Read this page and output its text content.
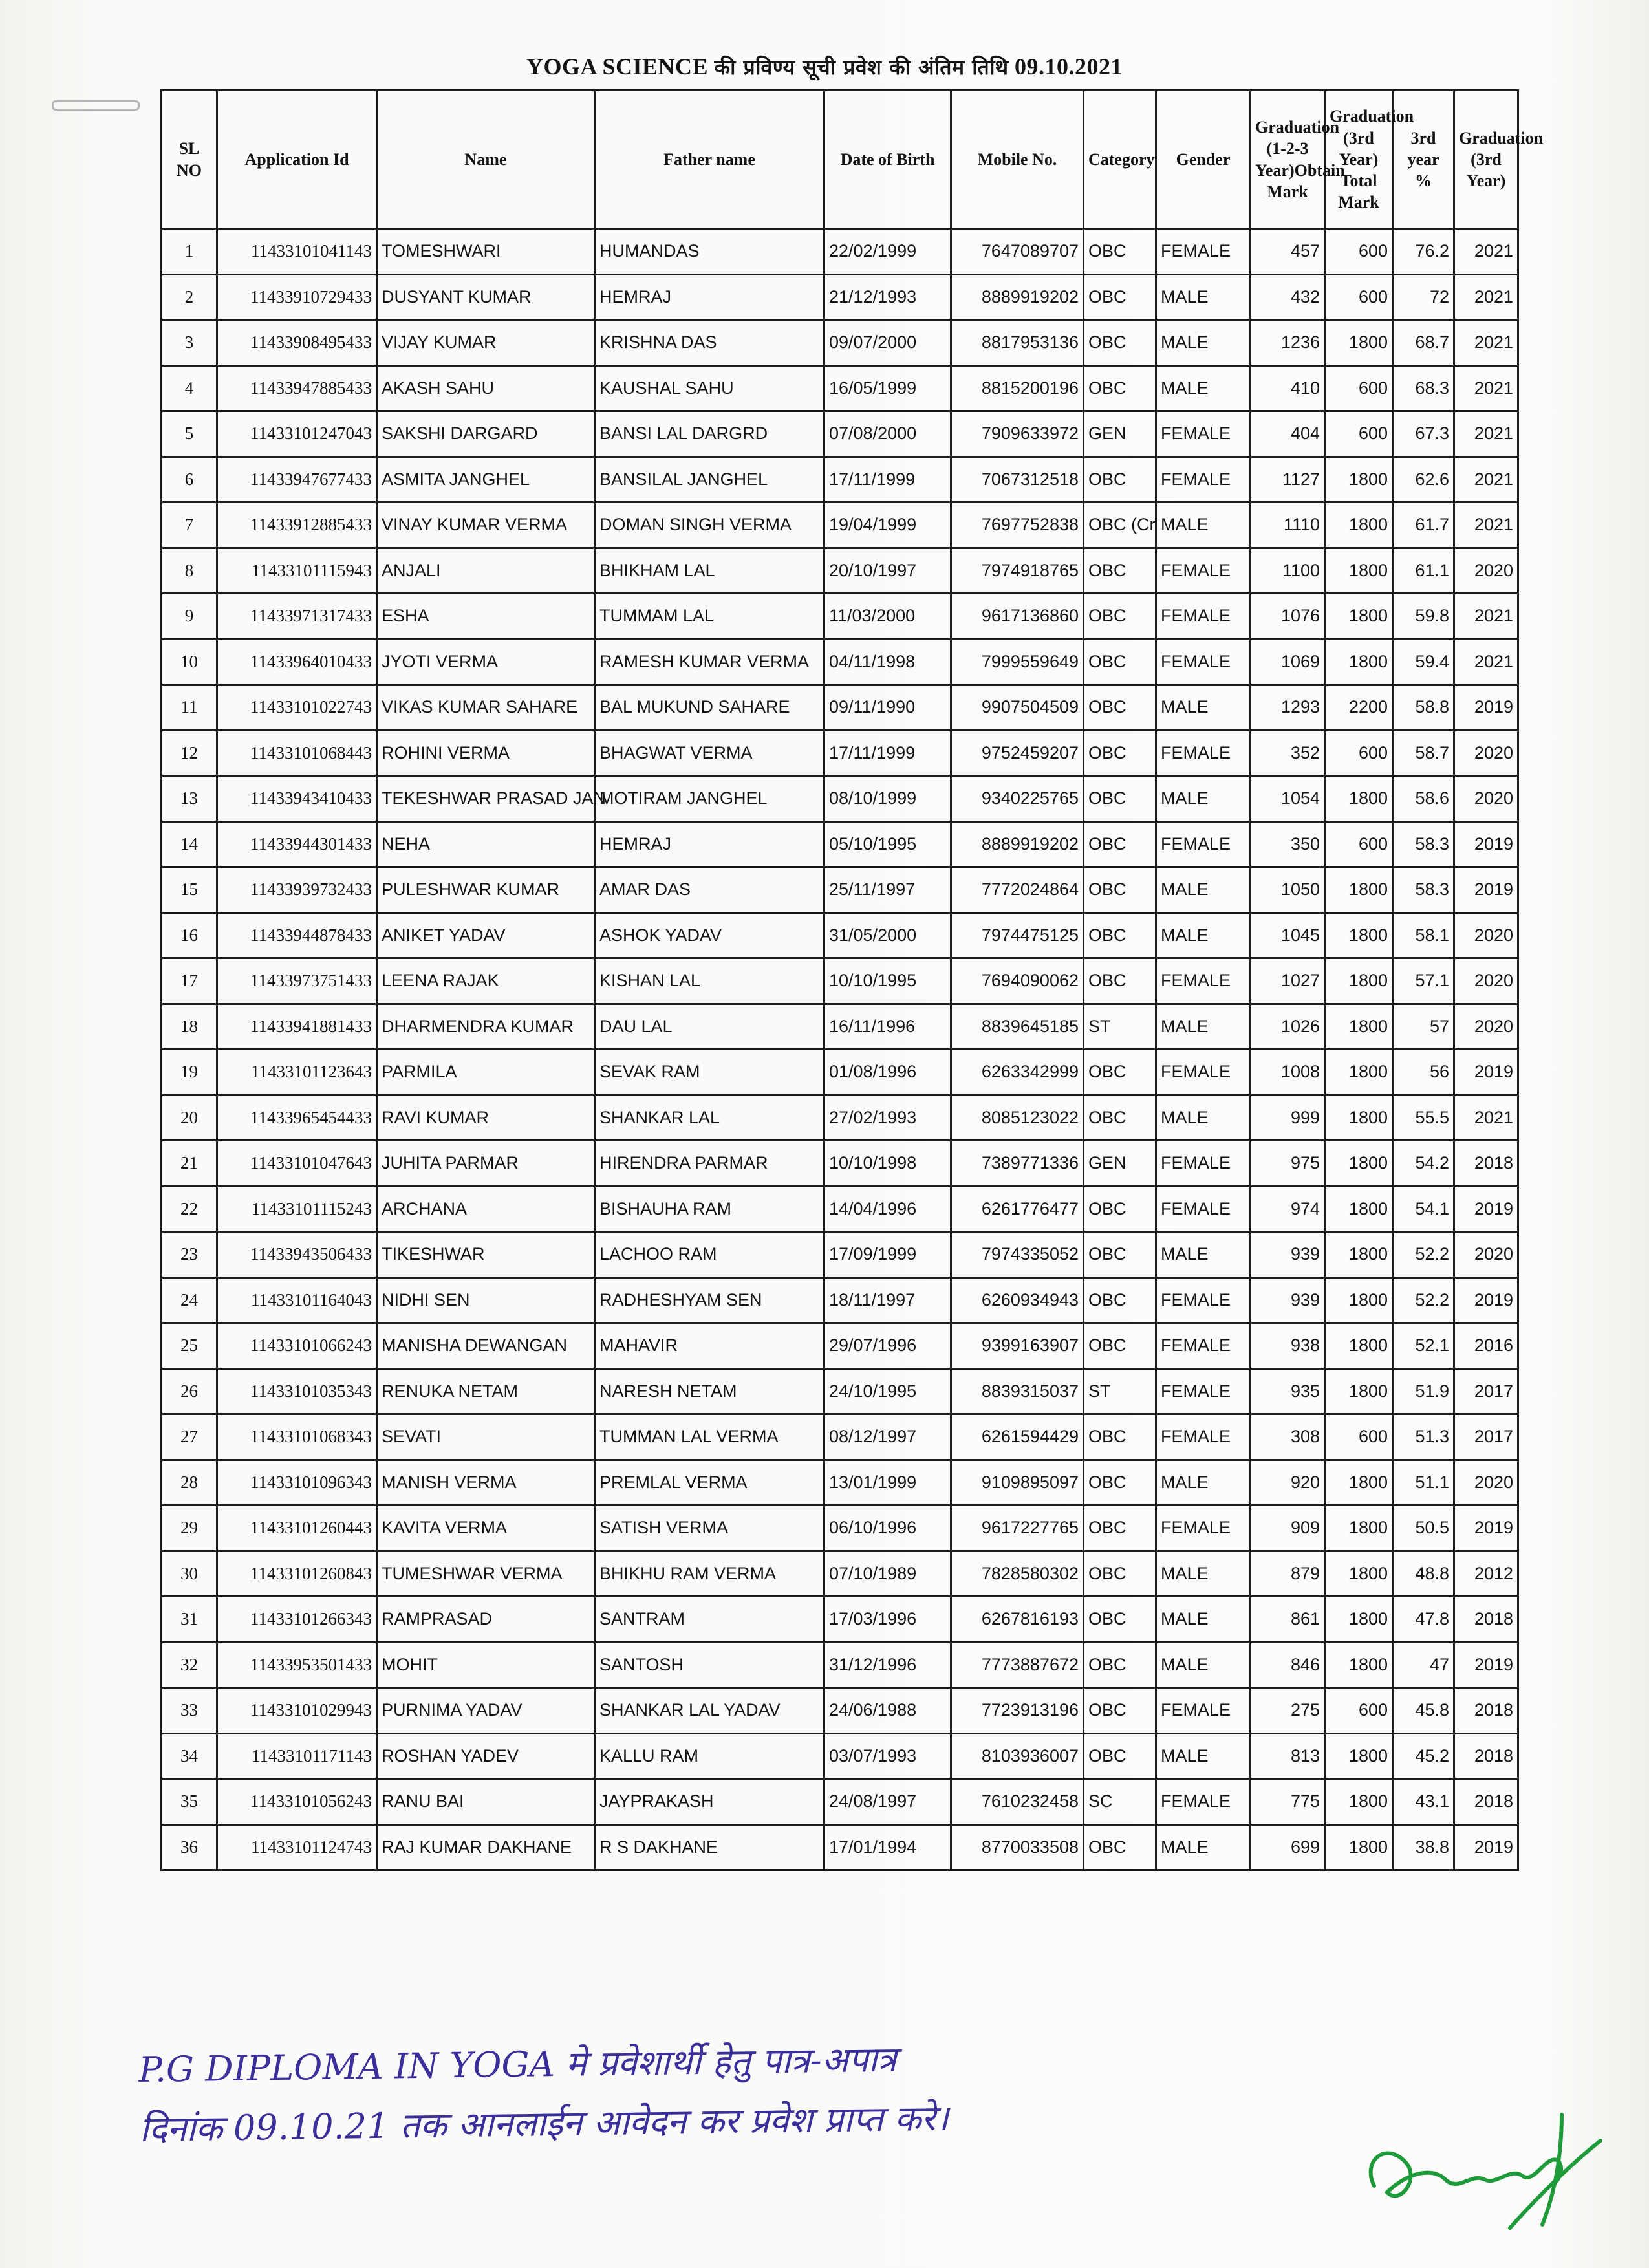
YOGA SCIENCE की प्रविण्य सूची प्रवेश की अंतिम तिथि 09.10.2021
SL NO	Application Id	Name	Father name	Date of Birth	Mobile No.	Category	Gender	Graduation (1-2-3 Year)Obtain Mark	Graduation (3rd Year) Total Mark	3rd year %	Graduation (3rd Year)
1	11433101041143	TOMESHWARI	HUMANDAS	22/02/1999	7647089707	OBC	FEMALE	457	600	76.2	2021
2	11433910729433	DUSYANT KUMAR	HEMRAJ	21/12/1993	8889919202	OBC	MALE	432	600	72	2021
3	11433908495433	VIJAY KUMAR	KRISHNA DAS	09/07/2000	8817953136	OBC	MALE	1236	1800	68.7	2021
4	11433947885433	AKASH SAHU	KAUSHAL SAHU	16/05/1999	8815200196	OBC	MALE	410	600	68.3	2021
5	11433101247043	SAKSHI DARGARD	BANSI LAL DARGRD	07/08/2000	7909633972	GEN	FEMALE	404	600	67.3	2021
6	11433947677433	ASMITA JANGHEL	BANSILAL JANGHEL	17/11/1999	7067312518	OBC	FEMALE	1127	1800	62.6	2021
7	11433912885433	VINAY KUMAR VERMA	DOMAN SINGH VERMA	19/04/1999	7697752838	OBC (Cr	MALE	1110	1800	61.7	2021
8	11433101115943	ANJALI	BHIKHAM LAL	20/10/1997	7974918765	OBC	FEMALE	1100	1800	61.1	2020
9	11433971317433	ESHA	TUMMAM LAL	11/03/2000	9617136860	OBC	FEMALE	1076	1800	59.8	2021
10	11433964010433	JYOTI VERMA	RAMESH KUMAR VERMA	04/11/1998	7999559649	OBC	FEMALE	1069	1800	59.4	2021
11	11433101022743	VIKAS KUMAR SAHARE	BAL MUKUND SAHARE	09/11/1990	9907504509	OBC	MALE	1293	2200	58.8	2019
12	11433101068443	ROHINI VERMA	BHAGWAT VERMA	17/11/1999	9752459207	OBC	FEMALE	352	600	58.7	2020
13	11433943410433	TEKESHWAR PRASAD JAN	MOTIRAM JANGHEL	08/10/1999	9340225765	OBC	MALE	1054	1800	58.6	2020
14	11433944301433	NEHA	HEMRAJ	05/10/1995	8889919202	OBC	FEMALE	350	600	58.3	2019
15	11433939732433	PULESHWAR KUMAR	AMAR DAS	25/11/1997	7772024864	OBC	MALE	1050	1800	58.3	2019
16	11433944878433	ANIKET YADAV	ASHOK YADAV	31/05/2000	7974475125	OBC	MALE	1045	1800	58.1	2020
17	11433973751433	LEENA RAJAK	KISHAN LAL	10/10/1995	7694090062	OBC	FEMALE	1027	1800	57.1	2020
18	11433941881433	DHARMENDRA KUMAR	DAU LAL	16/11/1996	8839645185	ST	MALE	1026	1800	57	2020
19	11433101123643	PARMILA	SEVAK RAM	01/08/1996	6263342999	OBC	FEMALE	1008	1800	56	2019
20	11433965454433	RAVI KUMAR	SHANKAR LAL	27/02/1993	8085123022	OBC	MALE	999	1800	55.5	2021
21	11433101047643	JUHITA PARMAR	HIRENDRA PARMAR	10/10/1998	7389771336	GEN	FEMALE	975	1800	54.2	2018
22	11433101115243	ARCHANA	BISHAUHA RAM	14/04/1996	6261776477	OBC	FEMALE	974	1800	54.1	2019
23	11433943506433	TIKESHWAR	LACHOO RAM	17/09/1999	7974335052	OBC	MALE	939	1800	52.2	2020
24	11433101164043	NIDHI SEN	RADHESHYAM SEN	18/11/1997	6260934943	OBC	FEMALE	939	1800	52.2	2019
25	11433101066243	MANISHA DEWANGAN	MAHAVIR	29/07/1996	9399163907	OBC	FEMALE	938	1800	52.1	2016
26	11433101035343	RENUKA NETAM	NARESH NETAM	24/10/1995	8839315037	ST	FEMALE	935	1800	51.9	2017
27	11433101068343	SEVATI	TUMMAN LAL VERMA	08/12/1997	6261594429	OBC	FEMALE	308	600	51.3	2017
28	11433101096343	MANISH VERMA	PREMLAL VERMA	13/01/1999	9109895097	OBC	MALE	920	1800	51.1	2020
29	11433101260443	KAVITA VERMA	SATISH VERMA	06/10/1996	9617227765	OBC	FEMALE	909	1800	50.5	2019
30	11433101260843	TUMESHWAR VERMA	BHIKHU RAM VERMA	07/10/1989	7828580302	OBC	MALE	879	1800	48.8	2012
31	11433101266343	RAMPRASAD	SANTRAM	17/03/1996	6267816193	OBC	MALE	861	1800	47.8	2018
32	11433953501433	MOHIT	SANTOSH	31/12/1996	7773887672	OBC	MALE	846	1800	47	2019
33	11433101029943	PURNIMA YADAV	SHANKAR LAL YADAV	24/06/1988	7723913196	OBC	FEMALE	275	600	45.8	2018
34	11433101171143	ROSHAN YADEV	KALLU RAM	03/07/1993	8103936007	OBC	MALE	813	1800	45.2	2018
35	11433101056243	RANU BAI	JAYPRAKASH	24/08/1997	7610232458	SC	FEMALE	775	1800	43.1	2018
36	11433101124743	RAJ KUMAR DAKHANE	R S DAKHANE	17/01/1994	8770033508	OBC	MALE	699	1800	38.8	2019
P.G DIPLOMA IN YOGA मे प्रवेशार्थी हेतु पात्र-अपात्र
दिनांक 09.10.21 तक आनलाईन आवेदन कर प्रवेश प्राप्त करे।
